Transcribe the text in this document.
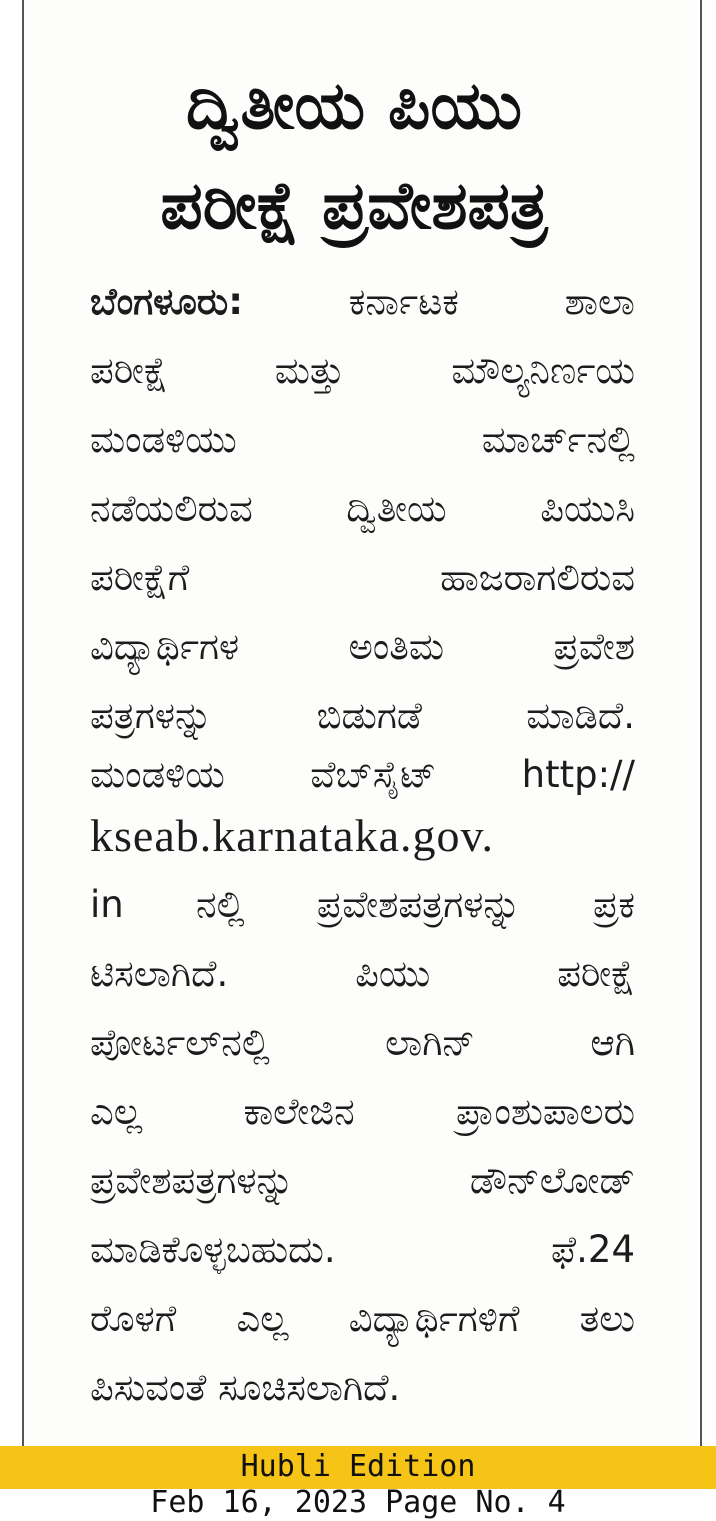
ದ್ವಿತೀಯ ಪಿಯು
ಪರೀಕ್ಷೆ ಪ್ರವೇಶಪತ್ರ
ಬೆಂಗಳೂರು:	ಕರ್ನಾಟಕ ಶಾಲಾ
ಪರೀಕ್ಷೆ ಮತ್ತು ಮೌಲ್ಯನಿರ್ಣಯ
ಮಂಡಳಿಯು ಮಾರ್ಚ್‌ನಲ್ಲಿ
ನಡೆಯಲಿರುವ ದ್ವಿತೀಯ ಪಿಯುಸಿ
ಪರೀಕ್ಷೆಗೆ ಹಾಜರಾಗಲಿರುವ
ವಿದ್ಯಾರ್ಥಿಗಳ ಅಂತಿಮ ಪ್ರವೇಶ
ಪತ್ರಗಳನ್ನು ಬಿಡುಗಡೆ ಮಾಡಿದೆ.
ಮಂಡಳಿಯ ವೆಬ್‌ಸೈಟ್ http://
kseab.karnataka.gov.
in ನಲ್ಲಿ ಪ್ರವೇಶಪತ್ರಗಳನ್ನು ಪ್ರಕ
ಟಿಸಲಾಗಿದೆ. ಪಿಯು ಪರೀಕ್ಷೆ
ಪೋರ್ಟಲ್‌ನಲ್ಲಿ ಲಾಗಿನ್ ಆಗಿ
ಎಲ್ಲ ಕಾಲೇಜಿನ ಪ್ರಾಂಶುಪಾಲರು
ಪ್ರವೇಶಪತ್ರಗಳನ್ನು ಡೌನ್‌ಲೋಡ್
ಮಾಡಿಕೊಳ್ಳಬಹುದು. ಫೆ.24
ರೊಳಗೆ ಎಲ್ಲ ವಿದ್ಯಾರ್ಥಿಗಳಿಗೆ ತಲು
ಪಿಸುವಂತೆ ಸೂಚಿಸಲಾಗಿದೆ.
Hubli Edition
Feb 16, 2023 Page No. 4
